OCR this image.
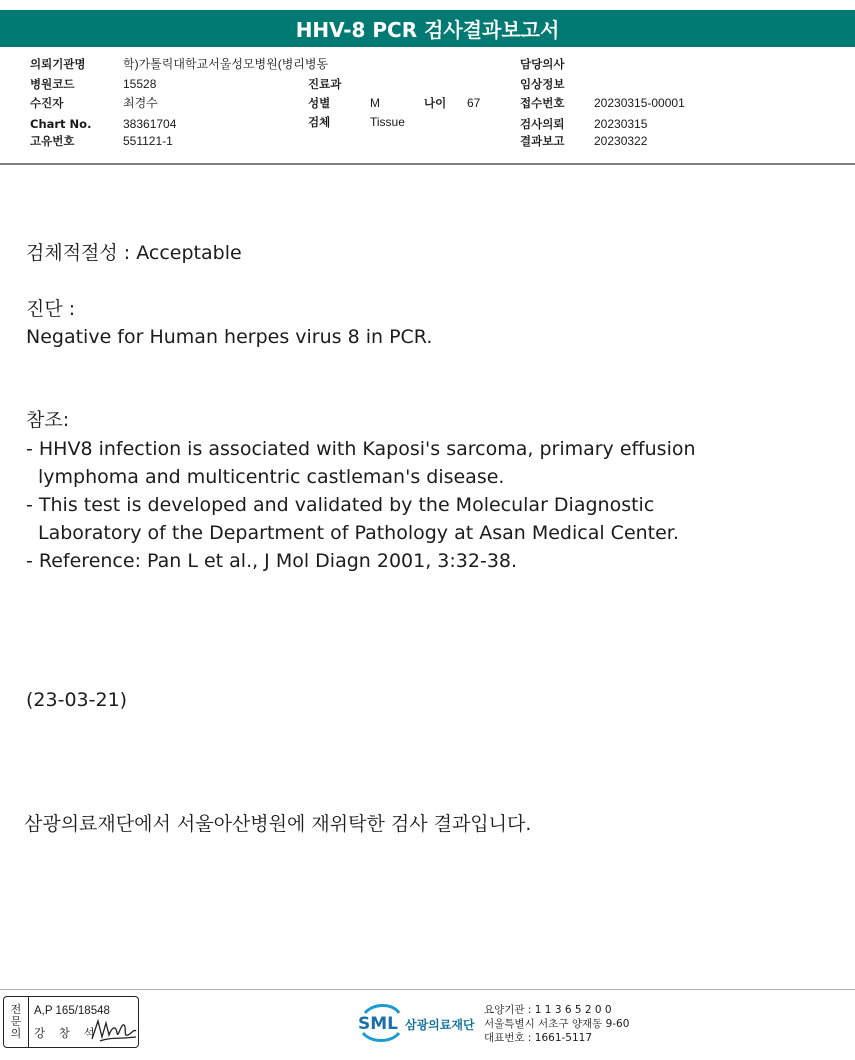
HHV-8 PCR 검사결과보고서
의뢰기관명	학)가톨릭대학교서울성모병원(병리병동
병원코드	15528
수진자	최경수
Chart No.	38361704
고유번호	551121-1
진료과
성별	M	나이 67
검체	Tissue
담당의사
임상정보
접수번호 20230315-00001
검사의뢰 20230315
결과보고 20230322
검체적절성 : Acceptable
진단 :
Negative for Human herpes virus 8 in PCR.
참조:
- HHV8 infection is associated with Kaposi's sarcoma, primary effusion
lymphoma and multicentric castleman's disease.
- This test is developed and validated by the Molecular Diagnostic
Laboratory of the Department of Pathology at Asan Medical Center.
- Reference: Pan L et al., J Mol Diagn 2001, 3:32-38.
(23-03-21)
삼광의료재단에서 서울아산병원에 재위탁한 검사 결과입니다.
전
문
의
A,P 165/18548
강 창 석	SML 삼광의료재단
요양기관 : 1 1 3 6 5 2 0 0
서울특별시 서초구 양재동 9-60
대표번호 : 1661-5117
